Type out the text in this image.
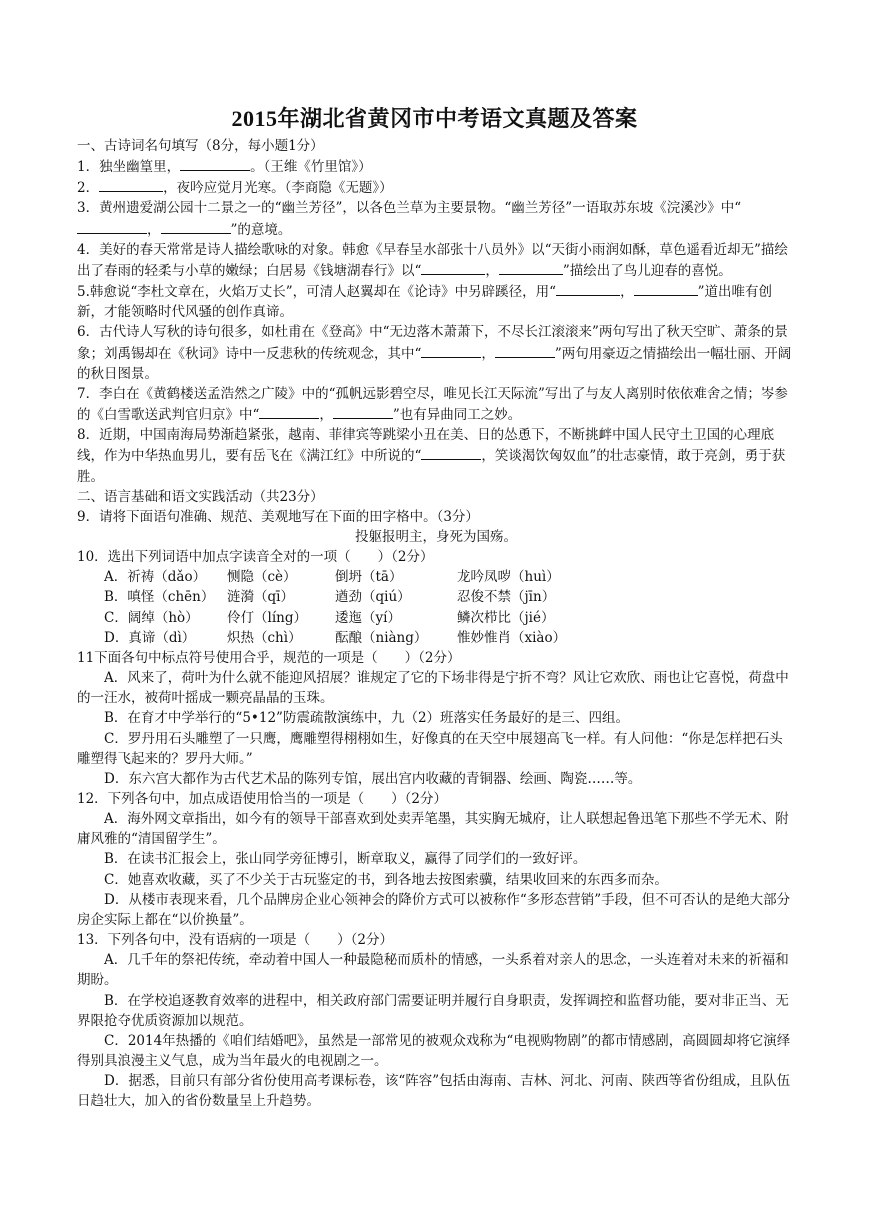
2015年湖北省黄冈市中考语文真题及答案

一、古诗词名句填写（8分，每小题1分）

1．独坐幽篁里，	。（王维《竹里馆》）

2．	，夜吟应觉月光寒。（李商隐《无题》）

3．黄州遗爱湖公园十二景之一的“幽兰芳径”，以各色兰草为主要景物。“幽兰芳径”一语取苏东坡《浣溪沙》中“，	”的意境。

4．美好的春天常常是诗人描绘歌咏的对象。韩愈《早春呈水部张十八员外》以“天街小雨润如酥，草色遥看近却无”描绘出了春雨的轻柔与小草的嫩绿；白居易《钱塘湖春行》以“	，	”描绘出了鸟儿迎春的喜悦。

5.韩愈说“李杜文章在，火焰万丈长”，可清人赵翼却在《论诗》中另辟蹊径，用“	，	”道出唯有创新，才能领略时代风骚的创作真谛。

6．古代诗人写秋的诗句很多，如杜甫在《登高》中“无边落木萧萧下，不尽长江滚滚来”两句写出了秋天空旷、萧条的景象；刘禹锡却在《秋词》诗中一反悲秋的传统观念，其中“	，	”两句用豪迈之情描绘出一幅壮丽、开阔的秋日图景。

7．李白在《黄鹤楼送孟浩然之广陵》中的“孤帆远影碧空尽，唯见长江天际流”写出了与友人离别时依依难舍之情；岑参的《白雪歌送武判官归京》中“	，	”也有异曲同工之妙。

8．近期，中国南海局势渐趋紧张，越南、菲律宾等跳梁小丑在美、日的怂恿下，不断挑衅中国人民守土卫国的心理底线，作为中华热血男儿，要有岳飞在《满江红》中所说的“	，笑谈渴饮匈奴血”的壮志豪情，敢于亮剑，勇于获胜。

二、语言基础和语文实践活动（共23分）

9．请将下面语句准确、规范、美观地写在下面的田字格中。（3分）

投躯报明主，身死为国殇。

10．选出下列词语中加点字读音全对的一项（　　）（2分）

A．祈祷（dǎo）	恻隐（cè）	倒坍（tā）	龙吟凤哕（huì）
B．嗔怪（chēn） 涟漪（qī）	遒劲（qiú）	忍俊不禁（jīn）
C．阔绰（hò）	伶仃（líng）	逶迤（yí）	鳞次栉比（jié）
D．真谛（dì）	炽热（chì）	酝酿（niàng）	惟妙惟肖（xiào）

11下面各句中标点符号使用合乎，规范的一项是（　　）（2分）

A．风来了，荷叶为什么就不能迎风招展？谁规定了它的下场非得是宁折不弯？风让它欢欣、雨也让它喜悦，荷盘中的一汪水，被荷叶摇成一颗亮晶晶的玉珠。

B．在育才中学举行的“5•12”防震疏散演练中，九（2）班落实任务最好的是三、四组。

C．罗丹用石头雕塑了一只鹰，鹰雕塑得栩栩如生，好像真的在天空中展翅高飞一样。有人问他：“你是怎样把石头雕塑得飞起来的？罗丹大师。”

D．东六宫大都作为古代艺术品的陈列专馆，展出宫内收藏的青铜器、绘画、陶瓷……等。

12．下列各句中，加点成语使用恰当的一项是（　　）（2分）

A．海外网文章指出，如今有的领导干部喜欢到处卖弄笔墨，其实胸无城府，让人联想起鲁迅笔下那些不学无术、附庸风雅的“清国留学生”。

B．在读书汇报会上，张山同学旁征博引，断章取义，赢得了同学们的一致好评。

C．她喜欢收藏，买了不少关于古玩鉴定的书，到各地去按图索骥，结果收回来的东西多而杂。

D．从楼市表现来看，几个品牌房企业心领神会的降价方式可以被称作“多形态营销”手段，但不可否认的是绝大部分房企实际上都在“以价换量”。

13．下列各句中，没有语病的一项是（　　）（2分）

A．几千年的祭祀传统，牵动着中国人一种最隐秘而质朴的情感，一头系着对亲人的思念，一头连着对未来的祈福和期盼。

B．在学校追逐教育效率的进程中，相关政府部门需要证明并履行自身职责，发挥调控和监督功能，要对非正当、无界限抢夺优质资源加以规范。

C．2014年热播的《咱们结婚吧》，虽然是一部常见的被观众戏称为“电视购物剧”的都市情感剧，高圆圆却将它演绎得别具浪漫主义气息，成为当年最火的电视剧之一。

D．据悉，目前只有部分省份使用高考课标卷，该“阵容”包括由海南、吉林、河北、河南、陕西等省份组成，且队伍日趋壮大，加入的省份数量呈上升趋势。
